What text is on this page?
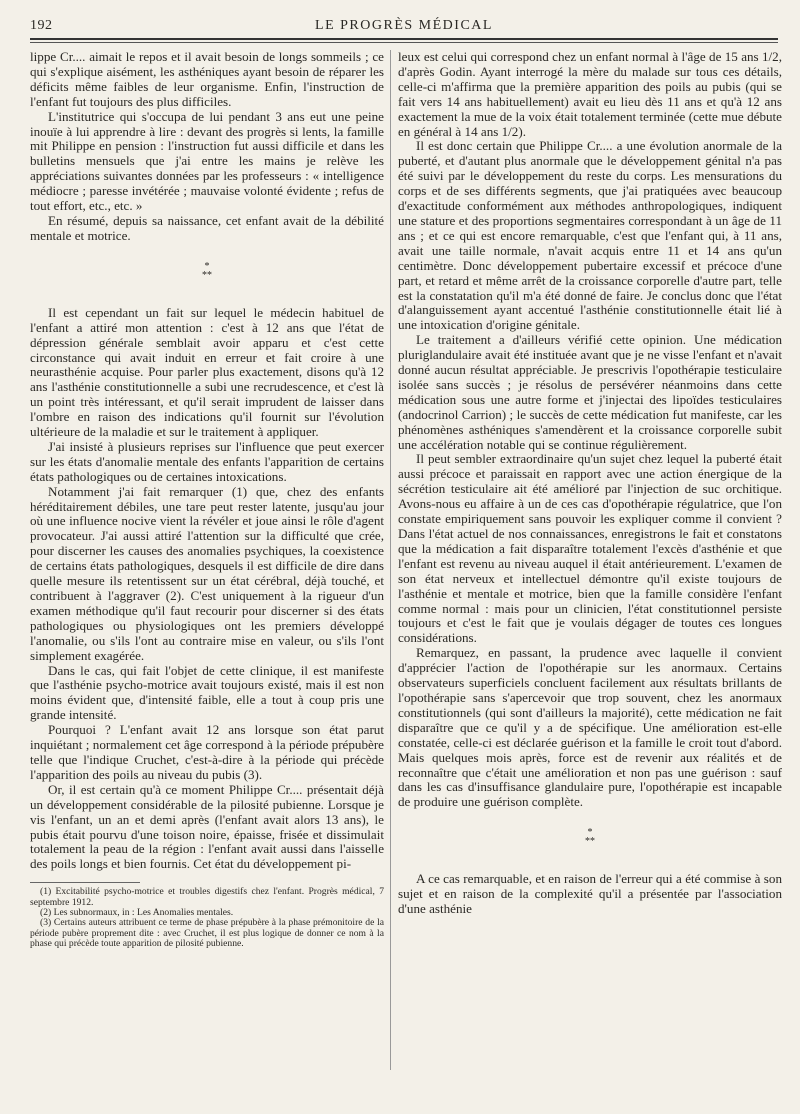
192	LE PROGRÈS MÉDICAL

lippe Cr.... aimait le repos et il avait besoin de longs sommeils ; ce qui s'explique aisément, les asthéniques ayant besoin de réparer les déficits même faibles de leur organisme. Enfin, l'instruction de l'enfant fut toujours des plus difficiles.

L'institutrice qui s'occupa de lui pendant 3 ans eut une peine inouïe à lui apprendre à lire : devant des progrès si lents, la famille mit Philippe en pension : l'instruction fut aussi difficile et dans les bulletins mensuels que j'ai entre les mains je relève les appréciations suivantes données par les professeurs : « intelligence médiocre ; paresse invétérée ; mauvaise volonté évidente ; refus de tout effort, etc., etc. »

En résumé, depuis sa naissance, cet enfant avait de la débilité mentale et motrice.

*
**

Il est cependant un fait sur lequel le médecin habituel de l'enfant a attiré mon attention : c'est à 12 ans que l'état de dépression générale semblait avoir apparu et c'est cette circonstance qui avait induit en erreur et fait croire à une neurasthénie acquise. Pour parler plus exactement, disons qu'à 12 ans l'asthénie constitutionnelle a subi une recrudescence, et c'est là un point très intéressant, et qu'il serait imprudent de laisser dans l'ombre en raison des indications qu'il fournit sur l'évolution ultérieure de la maladie et sur le traitement à appliquer.

J'ai insisté à plusieurs reprises sur l'influence que peut exercer sur les états d'anomalie mentale des enfants l'apparition de certains états pathologiques ou de certaines intoxications.

Notamment j'ai fait remarquer (1) que, chez des enfants héréditairement débiles, une tare peut rester latente, jusqu'au jour où une influence nocive vient la révéler et joue ainsi le rôle d'agent provocateur. J'ai aussi attiré l'attention sur la difficulté que crée, pour discerner les causes des anomalies psychiques, la coexistence de certains états pathologiques, desquels il est difficile de dire dans quelle mesure ils retentissent sur un état cérébral, déjà touché, et contribuent à l'aggraver (2). C'est uniquement à la rigueur d'un examen méthodique qu'il faut recourir pour discerner si des états pathologiques ou physiologiques ont les premiers développé l'anomalie, ou s'ils l'ont au contraire mise en valeur, ou s'ils l'ont simplement exagérée.

Dans le cas, qui fait l'objet de cette clinique, il est manifeste que l'asthénie psycho-motrice avait toujours existé, mais il est non moins évident que, d'intensité faible, elle a tout à coup pris une grande intensité.

Pourquoi ? L'enfant avait 12 ans lorsque son état parut inquiétant ; normalement cet âge correspond à la période prépubère telle que l'indique Cruchet, c'est-à-dire à la période qui précède l'apparition des poils au niveau du pubis (3).

Or, il est certain qu'à ce moment Philippe Cr.... présentait déjà un développement considérable de la pilosité pubienne. Lorsque je vis l'enfant, un an et demi après (l'enfant avait alors 13 ans), le pubis était pourvu d'une toison noire, épaisse, frisée et dissimulait totalement la peau de la région : l'enfant avait aussi dans l'aisselle des poils longs et bien fournis. Cet état du développement pi-

(1) Excitabilité psycho-motrice et troubles digestifs chez l'enfant. Progrès médical, 7 septembre 1912.

(2) Les subnormaux, in : Les Anomalies mentales.

(3) Certains auteurs attribuent ce terme de phase prépubère à la phase prémonitoire de la période pubère proprement dite : avec Cruchet, il est plus logique de donner ce nom à la phase qui précède toute apparition de pilosité pubienne.

leux est celui qui correspond chez un enfant normal à l'âge de 15 ans 1/2, d'après Godin. Ayant interrogé la mère du malade sur tous ces détails, celle-ci m'affirma que la première apparition des poils au pubis (qui se fait vers 14 ans habituellement) avait eu lieu dès 11 ans et qu'à 12 ans exactement la mue de la voix était totalement terminée (cette mue débute en général à 14 ans 1/2).

Il est donc certain que Philippe Cr.... a une évolution anormale de la puberté, et d'autant plus anormale que le développement génital n'a pas été suivi par le développement du reste du corps. Les mensurations du corps et de ses différents segments, que j'ai pratiquées avec beaucoup d'exactitude conformément aux méthodes anthropologiques, indiquent une stature et des proportions segmentaires correspondant à un âge de 11 ans ; et ce qui est encore remarquable, c'est que l'enfant qui, à 11 ans, avait une taille normale, n'avait acquis entre 11 et 14 ans qu'un centimètre. Donc développement pubertaire excessif et précoce d'une part, et retard et même arrêt de la croissance corporelle d'autre part, telle est la constatation qu'il m'a été donné de faire. Je conclus donc que l'état d'alanguissement ayant accentué l'asthénie constitutionnelle était lié à une intoxication d'origine génitale.

Le traitement a d'ailleurs vérifié cette opinion. Une médication pluriglandulaire avait été instituée avant que je ne visse l'enfant et n'avait donné aucun résultat appréciable. Je prescrivis l'opothérapie testiculaire isolée sans succès ; je résolus de persévérer néanmoins dans cette médication sous une autre forme et j'injectai des lipoïdes testiculaires (andocrinol Carrion) ; le succès de cette médication fut manifeste, car les phénomènes asthéniques s'amendèrent et la croissance corporelle subit une accélération notable qui se continue régulièrement.

Il peut sembler extraordinaire qu'un sujet chez lequel la puberté était aussi précoce et paraissait en rapport avec une action énergique de la sécrétion testiculaire ait été amélioré par l'injection de suc orchitique. Avons-nous eu affaire à un de ces cas d'opothérapie régulatrice, que l'on constate empiriquement sans pouvoir les expliquer comme il convient ? Dans l'état actuel de nos connaissances, enregistrons le fait et constatons que la médication a fait disparaître totalement l'excès d'asthénie et que l'enfant est revenu au niveau auquel il était antérieurement. L'examen de son état nerveux et intellectuel démontre qu'il existe toujours de l'asthénie et mentale et motrice, bien que la famille considère l'enfant comme normal : mais pour un clinicien, l'état constitutionnel persiste toujours et c'est le fait que je voulais dégager de toutes ces longues considérations.

Remarquez, en passant, la prudence avec laquelle il convient d'apprécier l'action de l'opothérapie sur les anormaux. Certains observateurs superficiels concluent facilement aux résultats brillants de l'opothérapie sans s'apercevoir que trop souvent, chez les anormaux constitutionnels (qui sont d'ailleurs la majorité), cette médication ne fait disparaître que ce qu'il y a de spécifique. Une amélioration est-elle constatée, celle-ci est déclarée guérison et la famille le croit tout d'abord. Mais quelques mois après, force est de revenir aux réalités et de reconnaître que c'était une amélioration et non pas une guérison : sauf dans les cas d'insuffisance glandulaire pure, l'opothérapie est incapable de produire une guérison complète.

*
**

A ce cas remarquable, et en raison de l'erreur qui a été commise à son sujet et en raison de la complexité qu'il a présentée par l'association d'une asthénie
